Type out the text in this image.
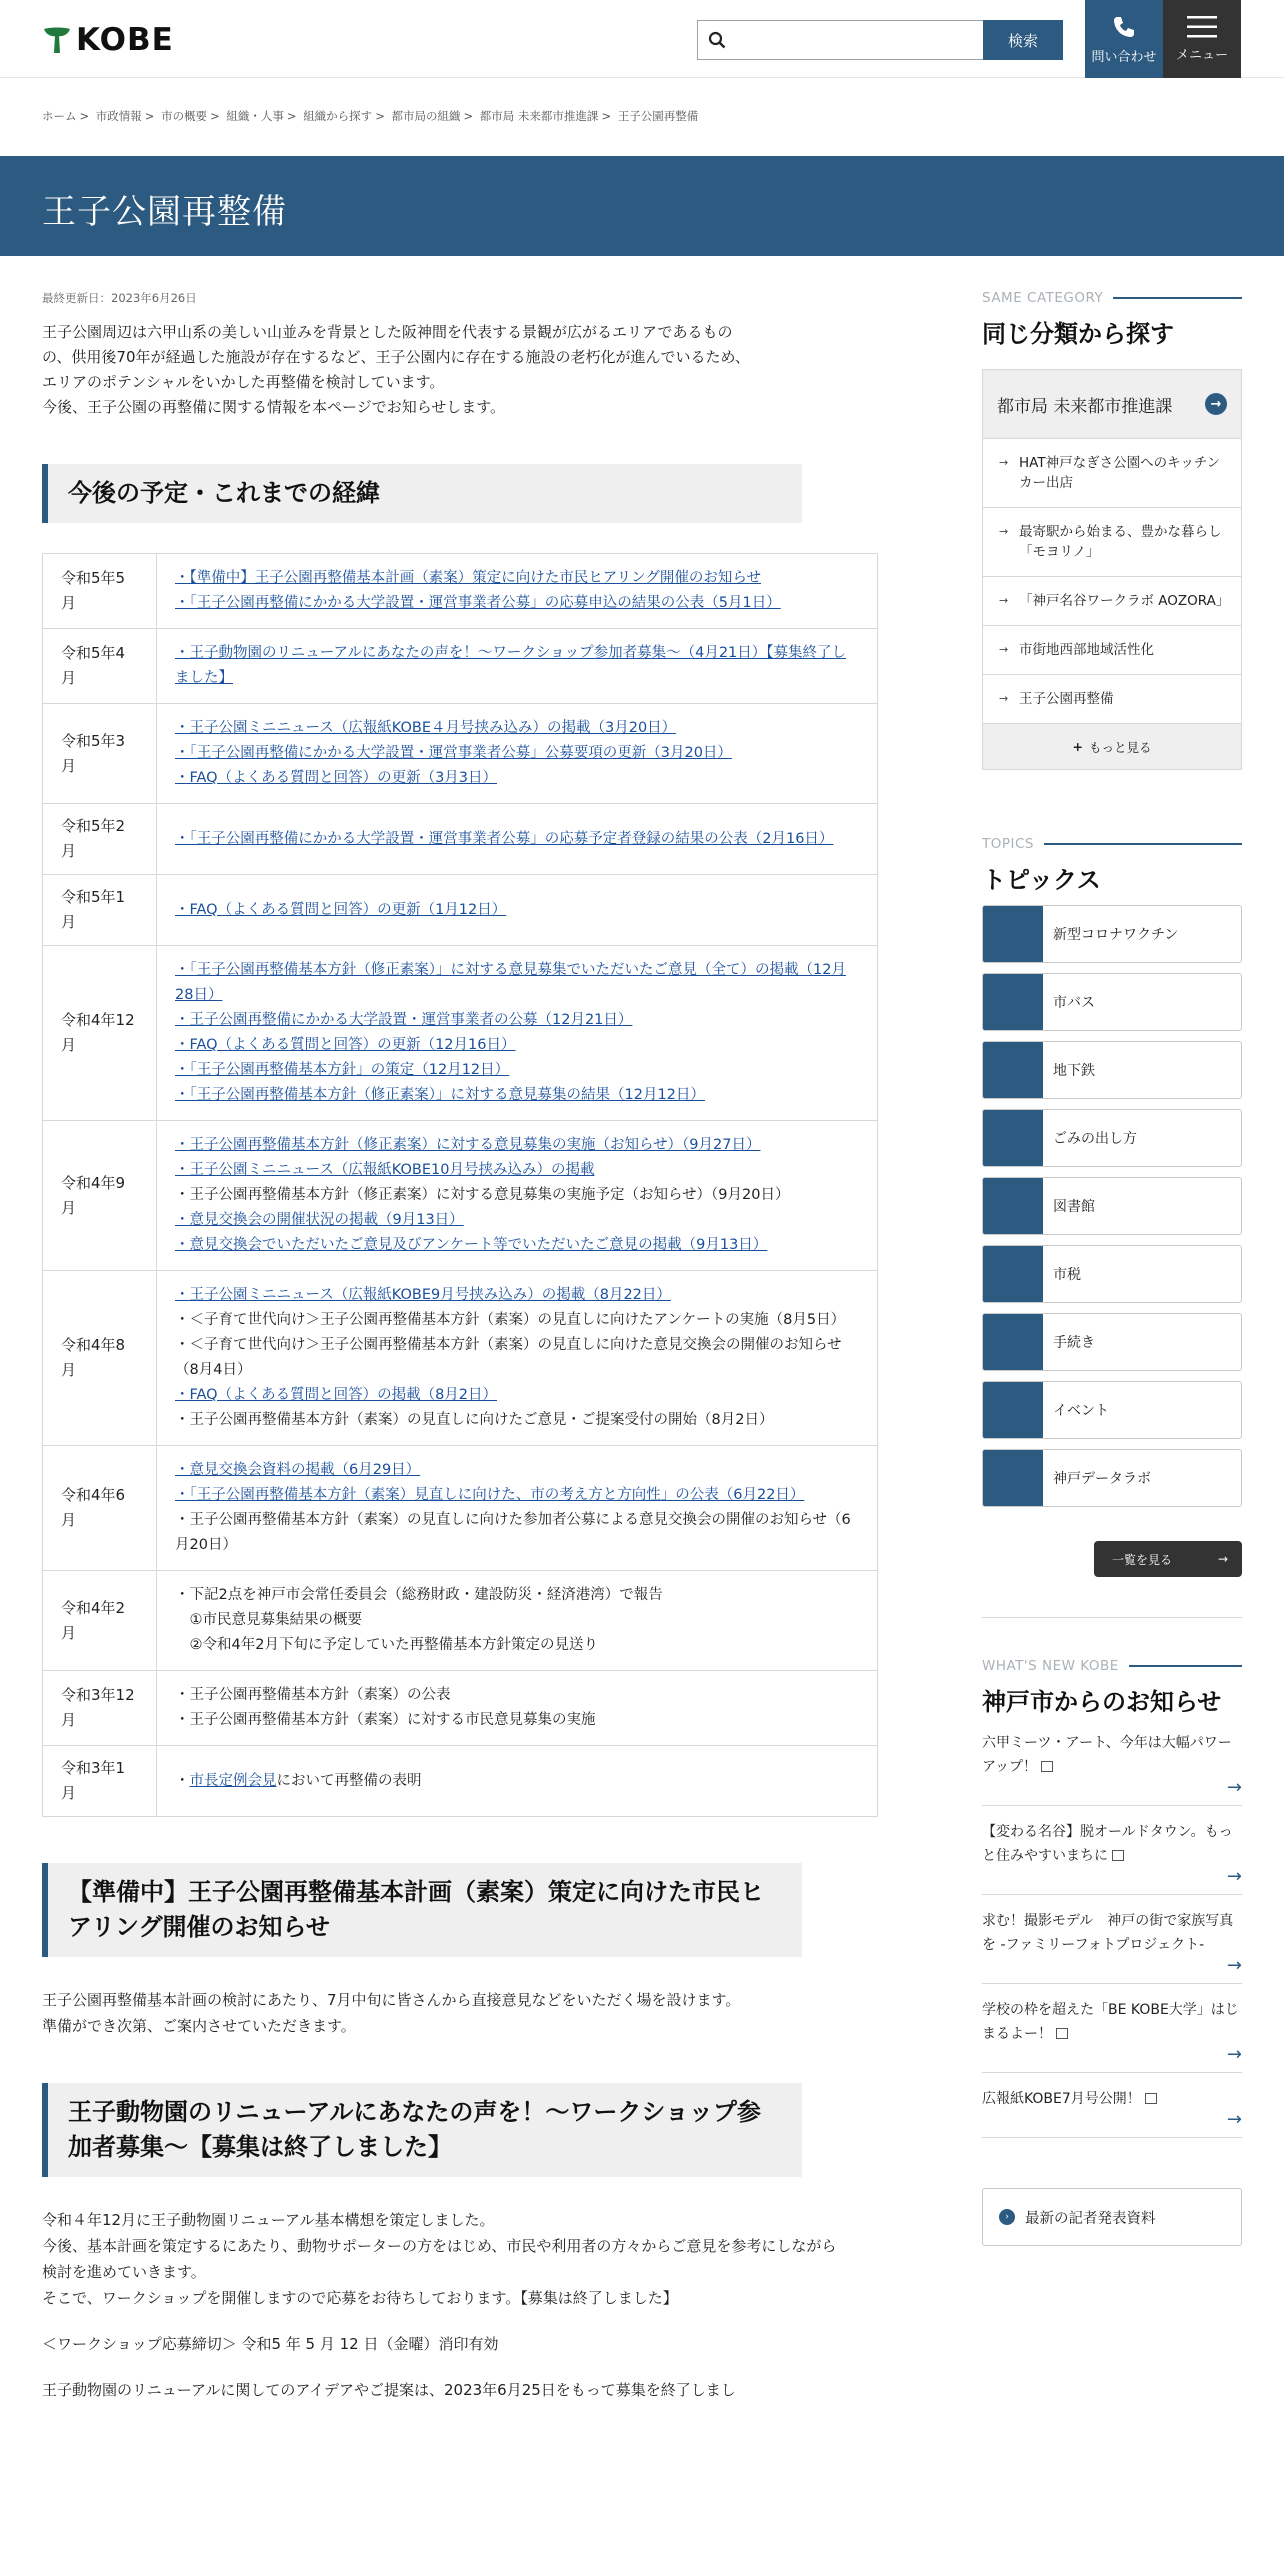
KOBE	検索
問い合わせ メニュー
ホーム > 市政情報 > 市の概要 > 組織・人事 > 組織から探す > 都市局の組織 > 都市局 未来都市推進課 > 王子公園再整備
王子公園再整備
最終更新日：2023年6月26日
王子公園周辺は六甲山系の美しい山並みを背景とした阪神間を代表する景観が広がるエリアであるもの
の、供用後70年が経過した施設が存在するなど、王子公園内に存在する施設の老朽化が進んでいるため、
エリアのポテンシャルをいかした再整備を検討しています。
今後、王子公園の再整備に関する情報を本ページでお知らせします。
今後の予定・これまでの経緯
令和5年5月	・【準備中】王子公園再整備基本計画（素案）策定に向けた市民ヒアリング開催のお知らせ
・「王子公園再整備にかかる大学設置・運営事業者公募」の応募申込の結果の公表（5月1日）

令和5年4月	・王子動物園のリニューアルにあなたの声を！～ワークショップ参加者募集～（4月21日）【募集終了しました】

令和5年3月	・王子公園ミニニュース（広報紙KOBE４月号挟み込み）の掲載（3月20日）
・「王子公園再整備にかかる大学設置・運営事業者公募」公募要項の更新（3月20日）
・FAQ（よくある質問と回答）の更新（3月3日）

令和5年2月	・「王子公園再整備にかかる大学設置・運営事業者公募」の応募予定者登録の結果の公表（2月16日）

令和5年1月	・FAQ（よくある質問と回答）の更新（1月12日）

令和4年12月	・「王子公園再整備基本方針（修正素案）」に対する意見募集でいただいたご意見（全て）の掲載（12月28日）
・王子公園再整備にかかる大学設置・運営事業者の公募（12月21日）
・FAQ（よくある質問と回答）の更新（12月16日）
・「王子公園再整備基本方針」の策定（12月12日）
・「王子公園再整備基本方針（修正素案）」に対する意見募集の結果（12月12日）

令和4年9月	・王子公園再整備基本方針（修正素案）に対する意見募集の実施（お知らせ）（9月27日）
・王子公園ミニニュース（広報紙KOBE10月号挟み込み）の掲載
・王子公園再整備基本方針（修正素案）に対する意見募集の実施予定（お知らせ）（9月20日）
・意見交換会の開催状況の掲載（9月13日）
・意見交換会でいただいたご意見及びアンケート等でいただいたご意見の掲載（9月13日）

令和4年8月	・王子公園ミニニュース（広報紙KOBE9月号挟み込み）の掲載（8月22日）
・＜子育て世代向け＞王子公園再整備基本方針（素案）の見直しに向けたアンケートの実施（8月5日）
・＜子育て世代向け＞王子公園再整備基本方針（素案）の見直しに向けた意見交換会の開催のお知らせ（8月4日）
・FAQ（よくある質問と回答）の掲載（8月2日）
・王子公園再整備基本方針（素案）の見直しに向けたご意見・ご提案受付の開始（8月2日）

令和4年6月	・意見交換会資料の掲載（6月29日）
・「王子公園再整備基本方針（素案）見直しに向けた、市の考え方と方向性」の公表（6月22日）
・王子公園再整備基本方針（素案）の見直しに向けた参加者公募による意見交換会の開催のお知らせ（6月20日）

令和4年2月	・下記2点を神戸市会常任委員会（総務財政・建設防災・経済港湾）で報告
　①市民意見募集結果の概要
　②令和4年2月下旬に予定していた再整備基本方針策定の見送り

令和3年12月	・王子公園再整備基本方針（素案）の公表
・王子公園再整備基本方針（素案）に対する市民意見募集の実施

令和3年1月	・市長定例会見において再整備の表明
【準備中】王子公園再整備基本計画（素案）策定に向けた市民ヒアリング開催のお知らせ
王子公園再整備基本計画の検討にあたり、7月中旬に皆さんから直接意見などをいただく場を設けます。
準備ができ次第、ご案内させていただきます。
王子動物園のリニューアルにあなたの声を！～ワークショップ参加者募集～【募集は終了しました】
令和４年12月に王子動物園リニューアル基本構想を策定しました。
今後、基本計画を策定するにあたり、動物サポーターの方をはじめ、市民や利用者の方々からご意見を参考にしながら検討を進めていきます。
そこで、ワークショップを開催しますので応募をお待ちしております。【募集は終了しました】
＜ワークショップ応募締切＞ 令和5 年 5 月 12 日（金曜）消印有効
王子動物園のリニューアルに関してのアイデアやご提案は、2023年6月25日をもって募集を終了しまし
SAME CATEGORY
同じ分類から探す
都市局 未来都市推進課	→
→ HAT神戸なぎさ公園へのキッチンカー出店
→ 最寄駅から始まる、豊かな暮らし「モヨリノ」
→ 「神戸名谷ワークラボ AOZORA」
→ 市街地西部地域活性化
→ 王子公園再整備
+ もっと見る
TOPICS
トピックス
新型コロナワクチン
市バス
地下鉄
ごみの出し方
図書館
市税
手続き
イベント
神戸データラボ
一覧を見る	→
WHAT'S NEW KOBE
神戸市からのお知らせ
六甲ミーツ・アート、今年は大幅パワーアップ！
→
【変わる名谷】脱オールドタウン。もっと住みやすいまちに
→
求む！撮影モデル　神戸の街で家族写真を -ファミリーフォトプロジェクト-
→
学校の枠を超えた「BE KOBE大学」はじまるよー！
→
広報紙KOBE7月号公開！
→
›	最新の記者発表資料
